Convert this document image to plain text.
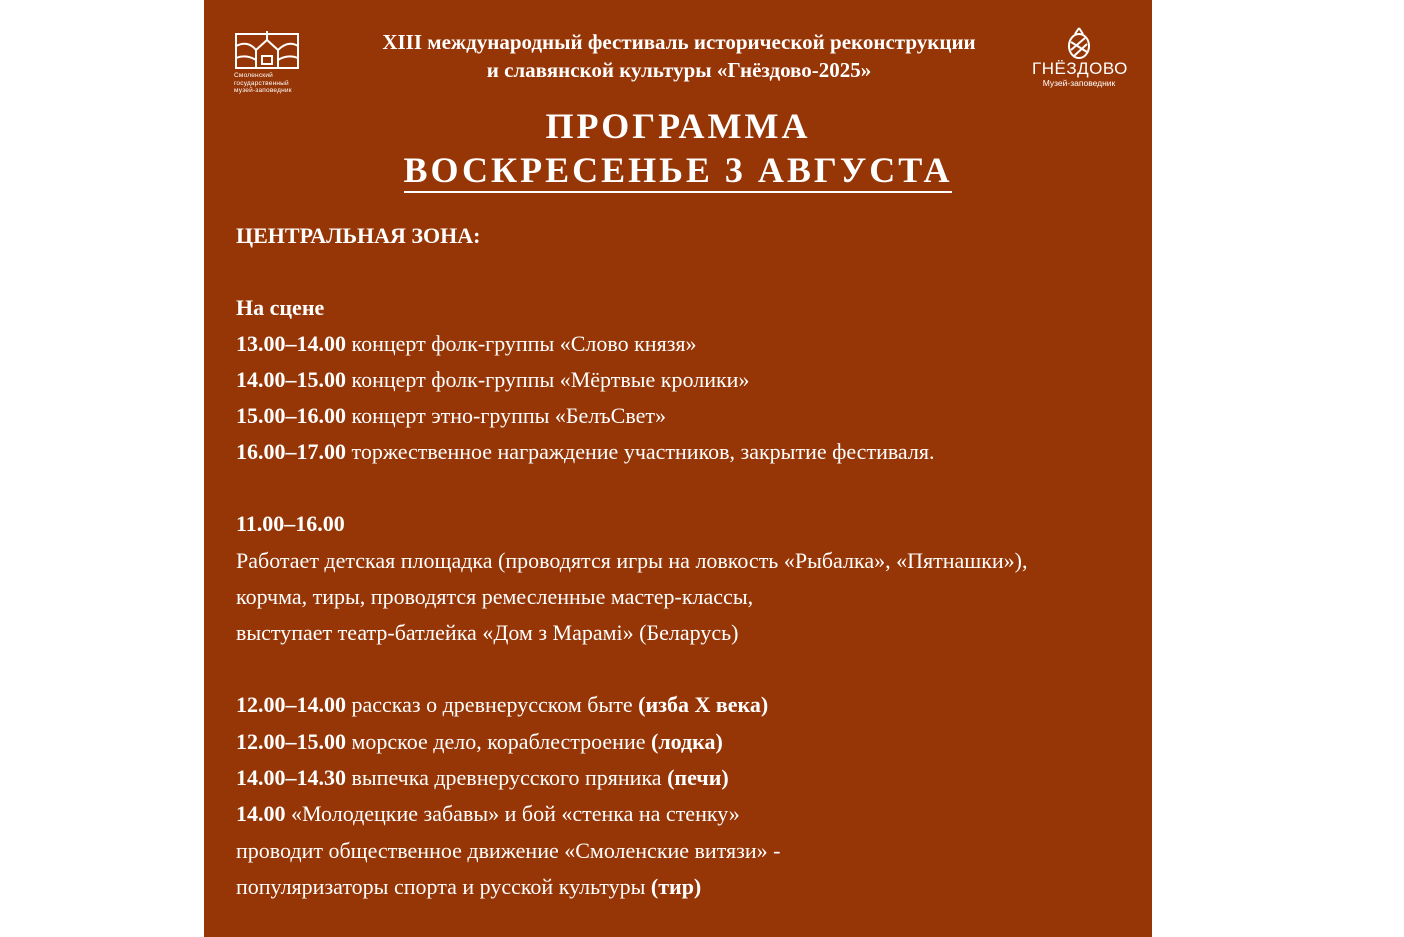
Смоленский
государственный
музей-заповедник
ГНЁЗДОВО
Музей-заповедник
XIII международный фестиваль исторической реконструкции
и славянской культуры «Гнёздово-2025»
ПРОГРАММА
ВОСКРЕСЕНЬЕ 3 АВГУСТА
ЦЕНТРАЛЬНАЯ ЗОНА:
На сцене
13.00–14.00 концерт фолк-группы «Слово князя»
14.00–15.00 концерт фолк-группы «Мёртвые кролики»
15.00–16.00 концерт этно-группы «БелъСвет»
16.00–17.00 торжественное награждение участников, закрытие фестиваля.
11.00–16.00
Работает детская площадка (проводятся игры на ловкость «Рыбалка», «Пятнашки»),
корчма, тиры, проводятся ремесленные мастер-классы,
выступает театр-батлейка «Дом з Марамі» (Беларусь)
12.00–14.00 рассказ о древнерусском быте (изба X века)
12.00–15.00 морское дело, кораблестроение (лодка)
14.00–14.30 выпечка древнерусского пряника (печи)
14.00 «Молодецкие забавы» и бой «стенка на стенку»
проводит общественное движение «Смоленские витязи» -
популяризаторы спорта и русской культуры (тир)
